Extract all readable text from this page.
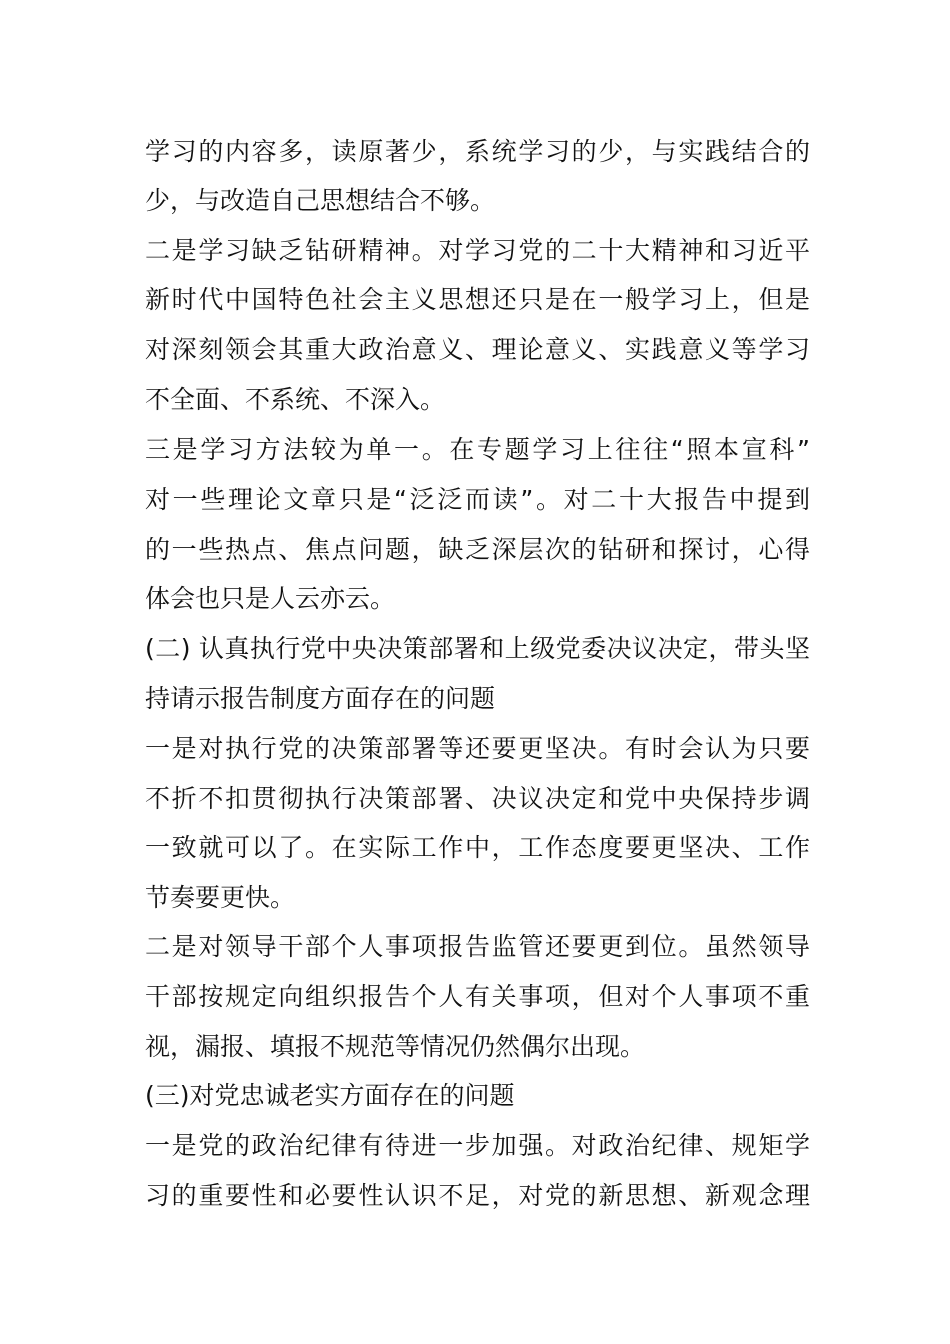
学习的内容多，读原著少，系统学习的少，与实践结合的
少，与改造自己思想结合不够。
二是学习缺乏钻研精神。对学习党的二十大精神和习近平
新时代中国特色社会主义思想还只是在一般学习上，但是
对深刻领会其重大政治意义、理论意义、实践意义等学习
不全面、不系统、不深入。
三是学习方法较为单一。在专题学习上往往“照本宣科”
对一些理论文章只是“泛泛而读”。对二十大报告中提到
的一些热点、焦点问题，缺乏深层次的钻研和探讨，心得
体会也只是人云亦云。
(二) 认真执行党中央决策部署和上级党委决议决定，带头坚
持请示报告制度方面存在的问题
一是对执行党的决策部署等还要更坚决。有时会认为只要
不折不扣贯彻执行决策部署、决议决定和党中央保持步调
一致就可以了。在实际工作中，工作态度要更坚决、工作
节奏要更快。
二是对领导干部个人事项报告监管还要更到位。虽然领导
干部按规定向组织报告个人有关事项，但对个人事项不重
视，漏报、填报不规范等情况仍然偶尔出现。
(三)对党忠诚老实方面存在的问题
一是党的政治纪律有待进一步加强。对政治纪律、规矩学
习的重要性和必要性认识不足，对党的新思想、新观念理
